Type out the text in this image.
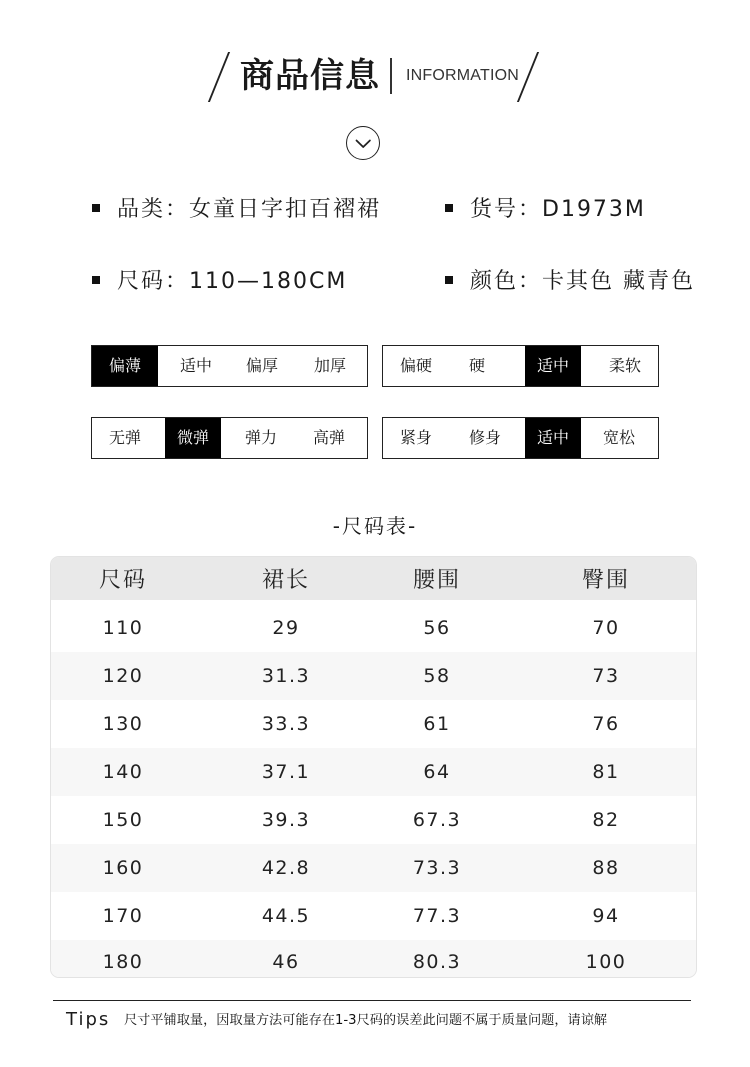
商品信息 INFORMATION
品类：女童日字扣百褶裙	货号：D1973M
尺码：110—180CM	颜色：卡其色 藏青色
偏薄	适中	偏厚	加厚	偏硬	硬	适中	柔软
无弹	微弹	弹力	高弹	紧身	修身	适中	宽松
-尺码表-
尺码	裙长	腰围	臀围
110	29	56	70
120	31.3	58	73
130	33.3	61	76
140	37.1	64	81
150	39.3	67.3	82
160	42.8	73.3	88
170	44.5	77.3	94
180	46	80.3	100
Tips 尺寸平铺取量，因取量方法可能存在1-3尺码的误差此问题不属于质量问题，请谅解
